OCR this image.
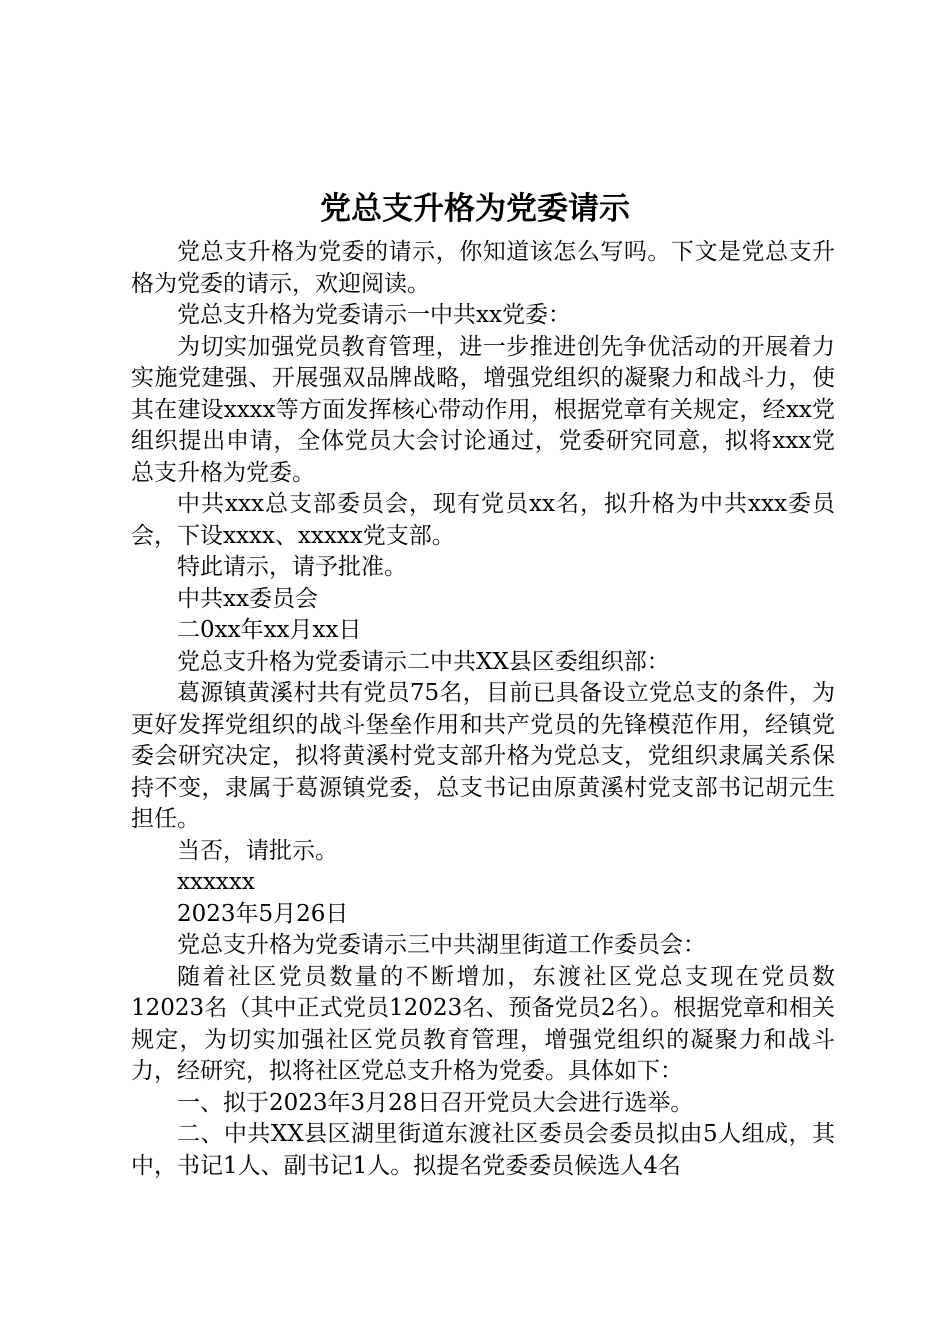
党总支升格为党委请示

党总支升格为党委的请示，你知道该怎么写吗。下文是党总支升格为党委的请示，欢迎阅读。

党总支升格为党委请示一中共xx党委：

为切实加强党员教育管理，进一步推进创先争优活动的开展着力实施党建强、开展强双品牌战略，增强党组织的凝聚力和战斗力，使其在建设xxxx等方面发挥核心带动作用，根据党章有关规定，经xx党组织提出申请，全体党员大会讨论通过，党委研究同意，拟将xxx党总支升格为党委。

中共xxx总支部委员会，现有党员xx名，拟升格为中共xxx委员会，下设xxxx、xxxxx党支部。

特此请示，请予批准。

中共xx委员会

二0xx年xx月xx日

党总支升格为党委请示二中共XX县区委组织部：

葛源镇黄溪村共有党员75名，目前已具备设立党总支的条件，为更好发挥党组织的战斗堡垒作用和共产党员的先锋模范作用，经镇党委会研究决定，拟将黄溪村党支部升格为党总支，党组织隶属关系保持不变，隶属于葛源镇党委，总支书记由原黄溪村党支部书记胡元生担任。

当否，请批示。

xxxxxx

2023年5月26日

党总支升格为党委请示三中共湖里街道工作委员会：

随着社区党员数量的不断增加，东渡社区党总支现在党员数12023名（其中正式党员12023名、预备党员2名）。根据党章和相关规定，为切实加强社区党员教育管理，增强党组织的凝聚力和战斗力，经研究，拟将社区党总支升格为党委。具体如下：

一、拟于2023年3月28日召开党员大会进行选举。

二、中共XX县区湖里街道东渡社区委员会委员拟由5人组成，其中，书记1人、副书记1人。拟提名党委委员候选人4名
